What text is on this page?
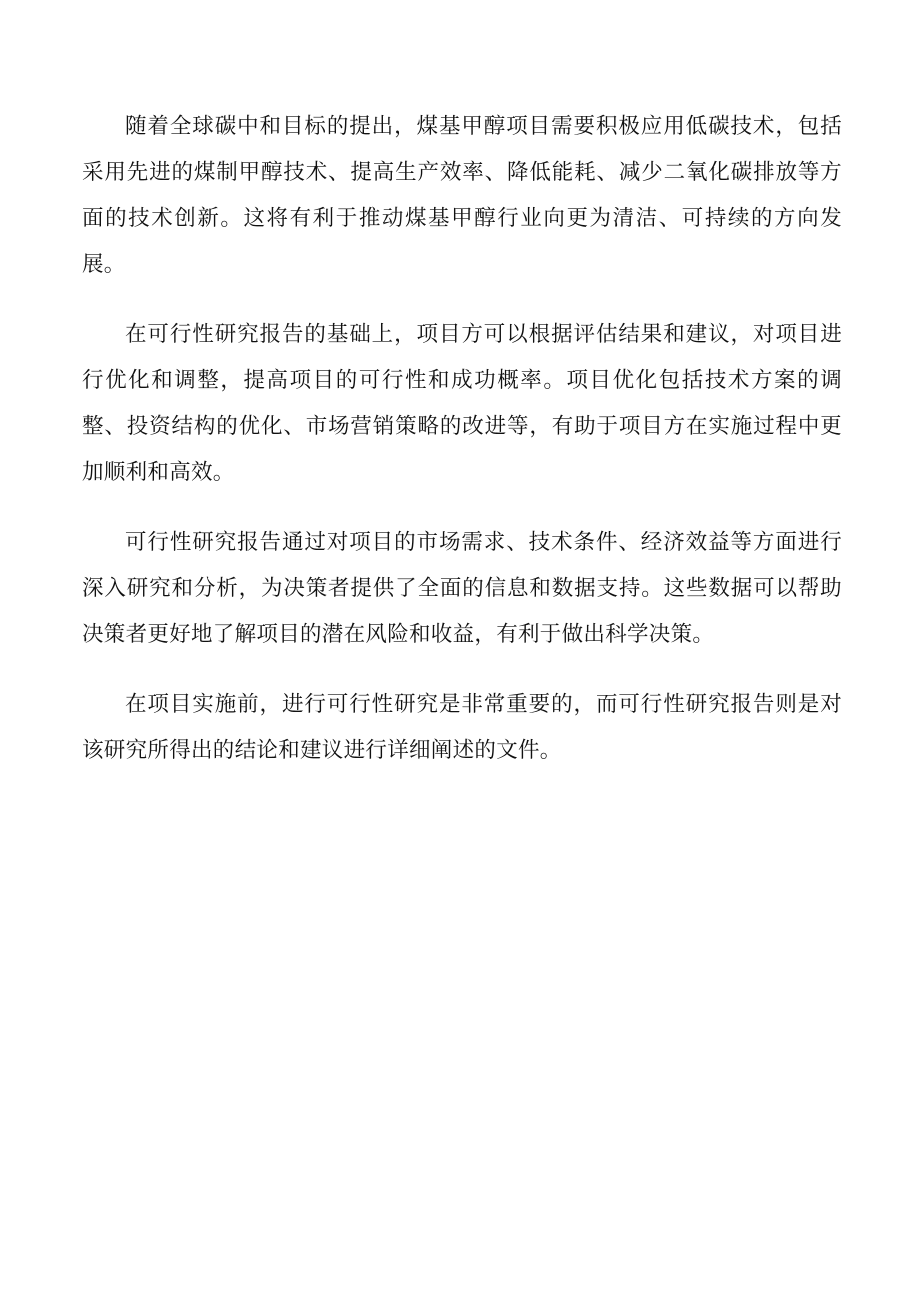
随着全球碳中和目标的提出，煤基甲醇项目需要积极应用低碳技术，包括采用先进的煤制甲醇技术、提高生产效率、降低能耗、减少二氧化碳排放等方面的技术创新。这将有利于推动煤基甲醇行业向更为清洁、可持续的方向发展。

在可行性研究报告的基础上，项目方可以根据评估结果和建议，对项目进行优化和调整，提高项目的可行性和成功概率。项目优化包括技术方案的调整、投资结构的优化、市场营销策略的改进等，有助于项目方在实施过程中更加顺利和高效。

可行性研究报告通过对项目的市场需求、技术条件、经济效益等方面进行深入研究和分析，为决策者提供了全面的信息和数据支持。这些数据可以帮助决策者更好地了解项目的潜在风险和收益，有利于做出科学决策。

在项目实施前，进行可行性研究是非常重要的，而可行性研究报告则是对该研究所得出的结论和建议进行详细阐述的文件。
